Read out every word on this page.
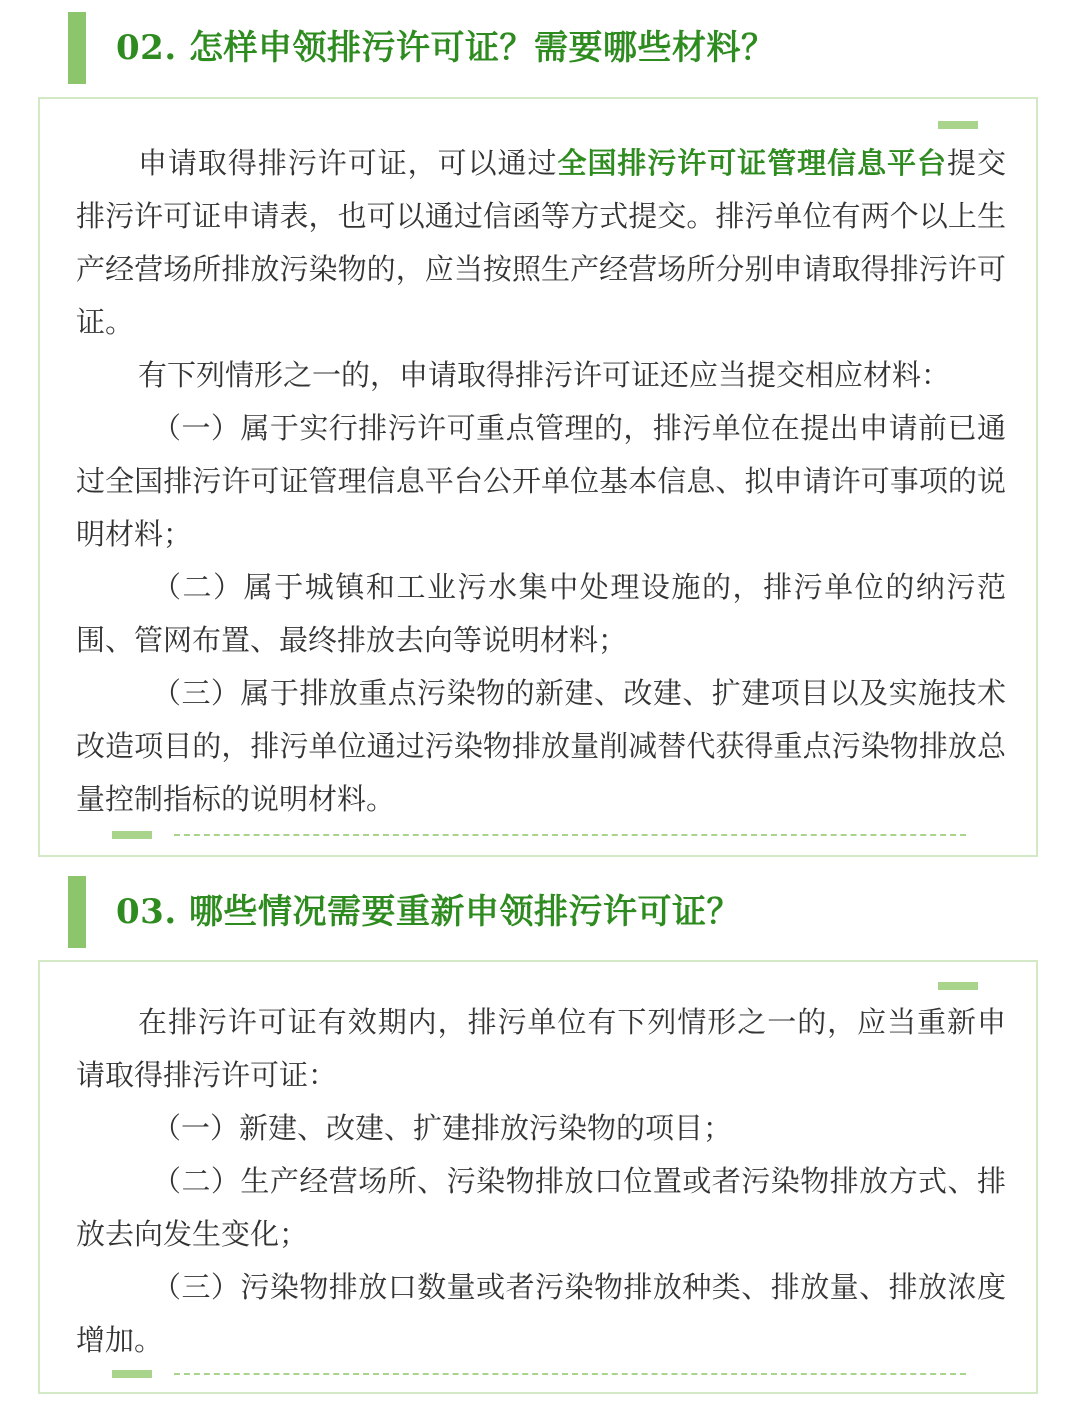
02. 怎样申领排污许可证？需要哪些材料？

申请取得排污许可证，可以通过全国排污许可证管理信息平台提交排污许可证申请表，也可以通过信函等方式提交。排污单位有两个以上生产经营场所排放污染物的，应当按照生产经营场所分别申请取得排污许可证。

有下列情形之一的，申请取得排污许可证还应当提交相应材料：

（一）属于实行排污许可重点管理的，排污单位在提出申请前已通过全国排污许可证管理信息平台公开单位基本信息、拟申请许可事项的说明材料；

（二）属于城镇和工业污水集中处理设施的，排污单位的纳污范围、管网布置、最终排放去向等说明材料；

（三）属于排放重点污染物的新建、改建、扩建项目以及实施技术改造项目的，排污单位通过污染物排放量削减替代获得重点污染物排放总量控制指标的说明材料。

03. 哪些情况需要重新申领排污许可证？

在排污许可证有效期内，排污单位有下列情形之一的，应当重新申请取得排污许可证：

（一）新建、改建、扩建排放污染物的项目；

（二）生产经营场所、污染物排放口位置或者污染物排放方式、排放去向发生变化；

（三）污染物排放口数量或者污染物排放种类、排放量、排放浓度增加。
